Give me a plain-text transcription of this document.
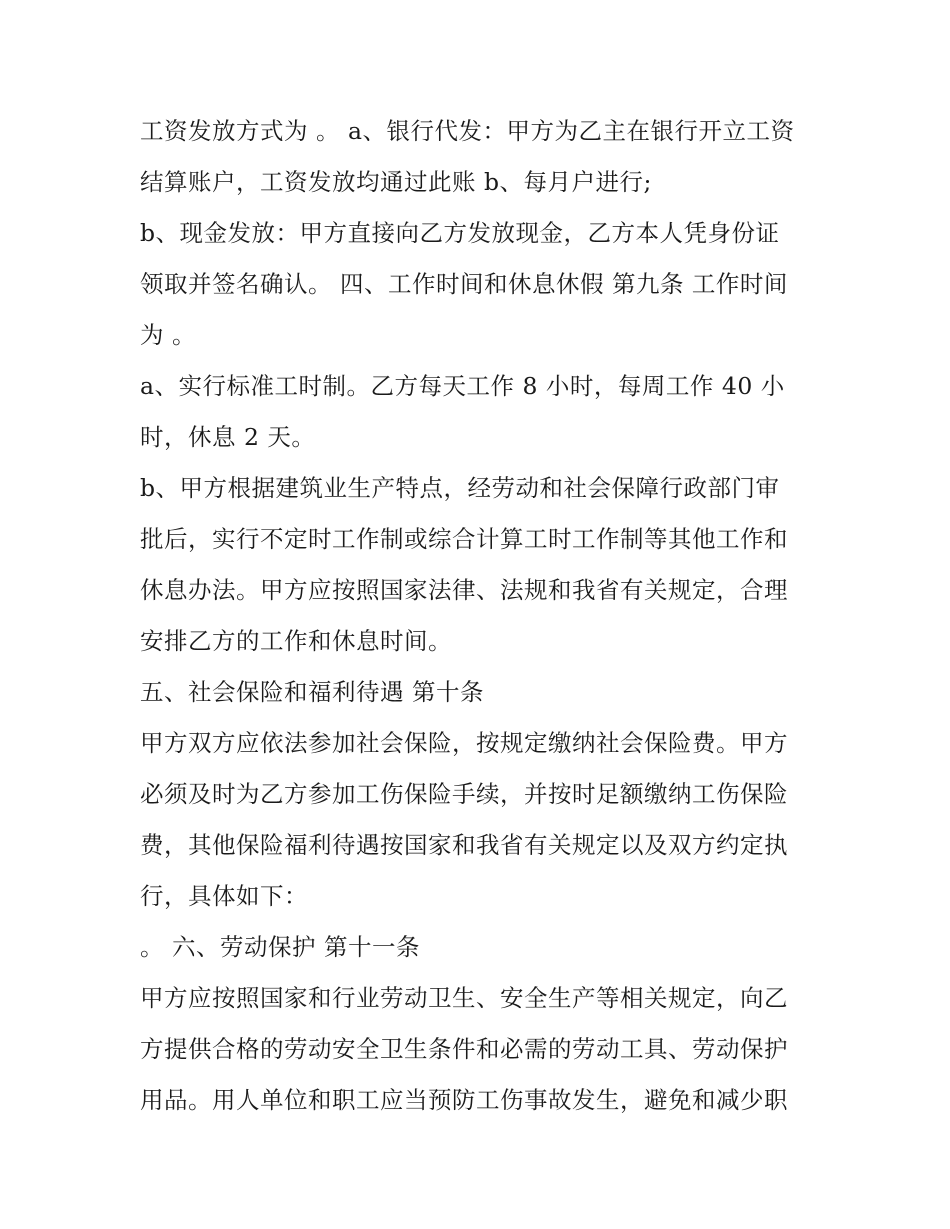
工资发放方式为 。 a、银行代发：甲方为乙主在银行开立工资
结算账户，工资发放均通过此账 b、每月户进行;
b、现金发放：甲方直接向乙方发放现金，乙方本人凭身份证
领取并签名确认。 四、工作时间和休息休假 第九条 工作时间
为 。
a、实行标准工时制。乙方每天工作 8 小时，每周工作 40 小
时，休息 2 天。
b、甲方根据建筑业生产特点，经劳动和社会保障行政部门审
批后，实行不定时工作制或综合计算工时工作制等其他工作和
休息办法。甲方应按照国家法律、法规和我省有关规定，合理
安排乙方的工作和休息时间。
五、社会保险和福利待遇 第十条
甲方双方应依法参加社会保险，按规定缴纳社会保险费。甲方
必须及时为乙方参加工伤保险手续，并按时足额缴纳工伤保险
费，其他保险福利待遇按国家和我省有关规定以及双方约定执
行，具体如下：
。 六、劳动保护 第十一条
甲方应按照国家和行业劳动卫生、安全生产等相关规定，向乙
方提供合格的劳动安全卫生条件和必需的劳动工具、劳动保护
用品。用人单位和职工应当预防工伤事故发生，避免和减少职
